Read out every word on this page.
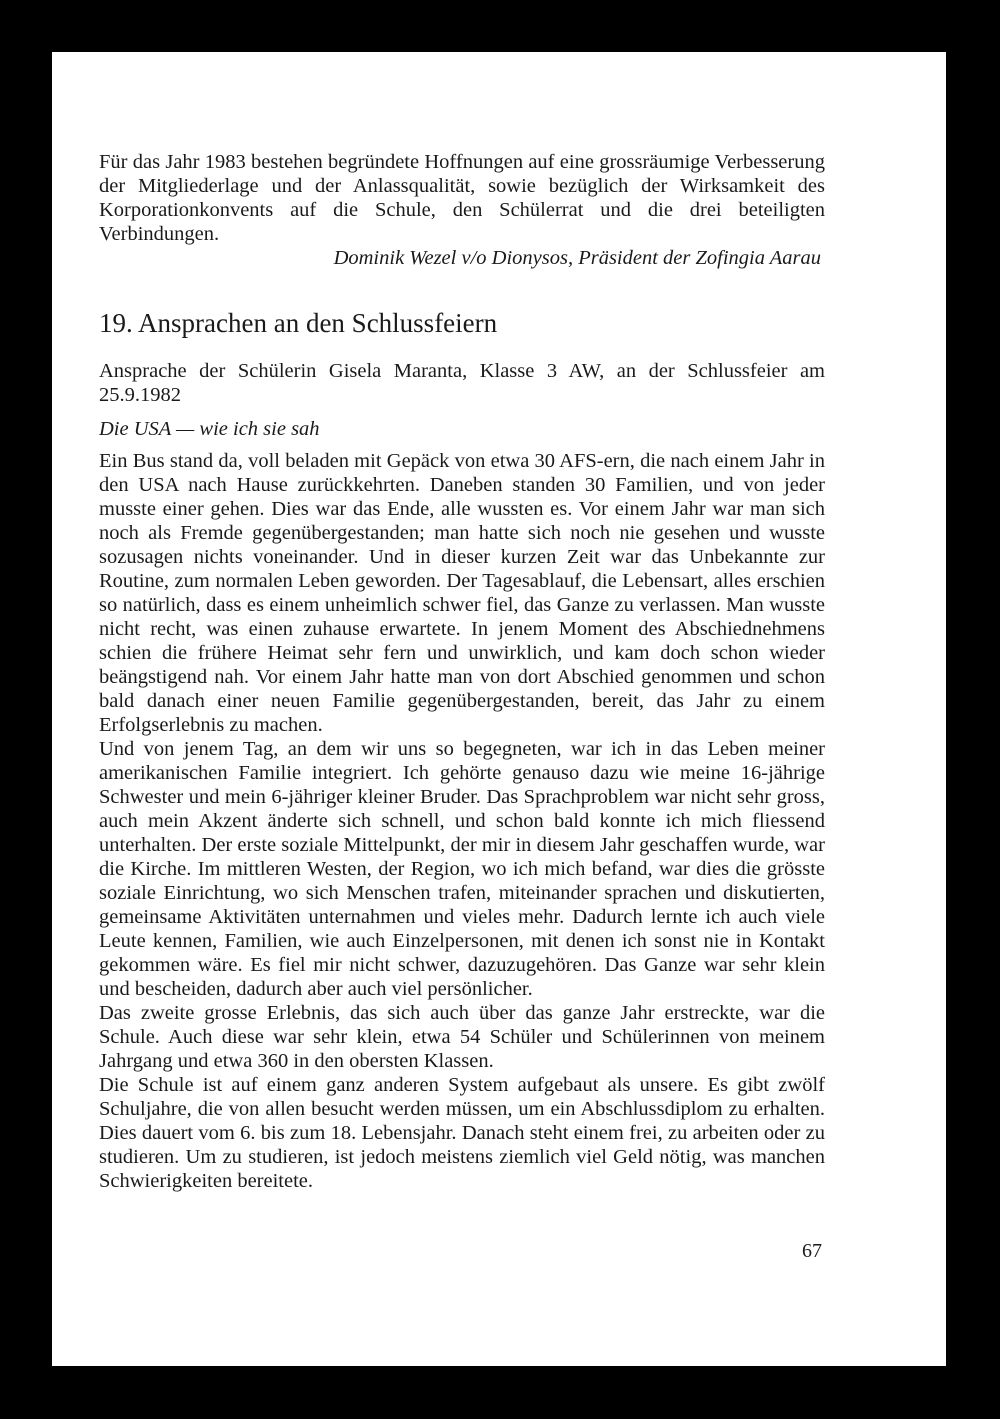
Für das Jahr 1983 bestehen begründete Hoffnungen auf eine grossräumige Verbesserung der Mitgliederlage und der Anlassqualität, sowie bezüglich der Wirksamkeit des Korporationkonvents auf die Schule, den Schülerrat und die drei beteiligten Verbindungen.

Dominik Wezel v/o Dionysos, Präsident der Zofingia Aarau

19. Ansprachen an den Schlussfeiern

Ansprache der Schülerin Gisela Maranta, Klasse 3 AW, an der Schlussfeier am 25.9.1982

Die USA — wie ich sie sah

Ein Bus stand da, voll beladen mit Gepäck von etwa 30 AFS-ern, die nach einem Jahr in den USA nach Hause zurückkehrten. Daneben standen 30 Familien, und von jeder musste einer gehen. Dies war das Ende, alle wussten es. Vor einem Jahr war man sich noch als Fremde gegenübergestanden; man hatte sich noch nie gesehen und wusste sozusagen nichts voneinander. Und in dieser kurzen Zeit war das Unbekannte zur Routine, zum normalen Leben geworden. Der Tagesablauf, die Lebensart, alles erschien so natürlich, dass es einem unheimlich schwer fiel, das Ganze zu verlassen. Man wusste nicht recht, was einen zuhause erwartete. In jenem Moment des Abschiednehmens schien die frühere Heimat sehr fern und unwirklich, und kam doch schon wieder beängstigend nah. Vor einem Jahr hatte man von dort Abschied genommen und schon bald danach einer neuen Familie gegenübergestanden, bereit, das Jahr zu einem Erfolgserlebnis zu machen.

Und von jenem Tag, an dem wir uns so begegneten, war ich in das Leben meiner amerikanischen Familie integriert. Ich gehörte genauso dazu wie meine 16-jährige Schwester und mein 6-jähriger kleiner Bruder. Das Sprachproblem war nicht sehr gross, auch mein Akzent änderte sich schnell, und schon bald konnte ich mich fliessend unterhalten. Der erste soziale Mittelpunkt, der mir in diesem Jahr geschaffen wurde, war die Kirche. Im mittleren Westen, der Region, wo ich mich befand, war dies die grösste soziale Einrichtung, wo sich Menschen trafen, miteinander sprachen und diskutierten, gemeinsame Aktivitäten unternahmen und vieles mehr. Dadurch lernte ich auch viele Leute kennen, Familien, wie auch Einzelpersonen, mit denen ich sonst nie in Kontakt gekommen wäre. Es fiel mir nicht schwer, dazuzugehören. Das Ganze war sehr klein und bescheiden, dadurch aber auch viel persönlicher.

Das zweite grosse Erlebnis, das sich auch über das ganze Jahr erstreckte, war die Schule. Auch diese war sehr klein, etwa 54 Schüler und Schülerinnen von meinem Jahrgang und etwa 360 in den obersten Klassen.

Die Schule ist auf einem ganz anderen System aufgebaut als unsere. Es gibt zwölf Schuljahre, die von allen besucht werden müssen, um ein Abschlussdiplom zu erhalten. Dies dauert vom 6. bis zum 18. Lebensjahr. Danach steht einem frei, zu arbeiten oder zu studieren. Um zu studieren, ist jedoch meistens ziemlich viel Geld nötig, was manchen Schwierigkeiten bereitete.

67
